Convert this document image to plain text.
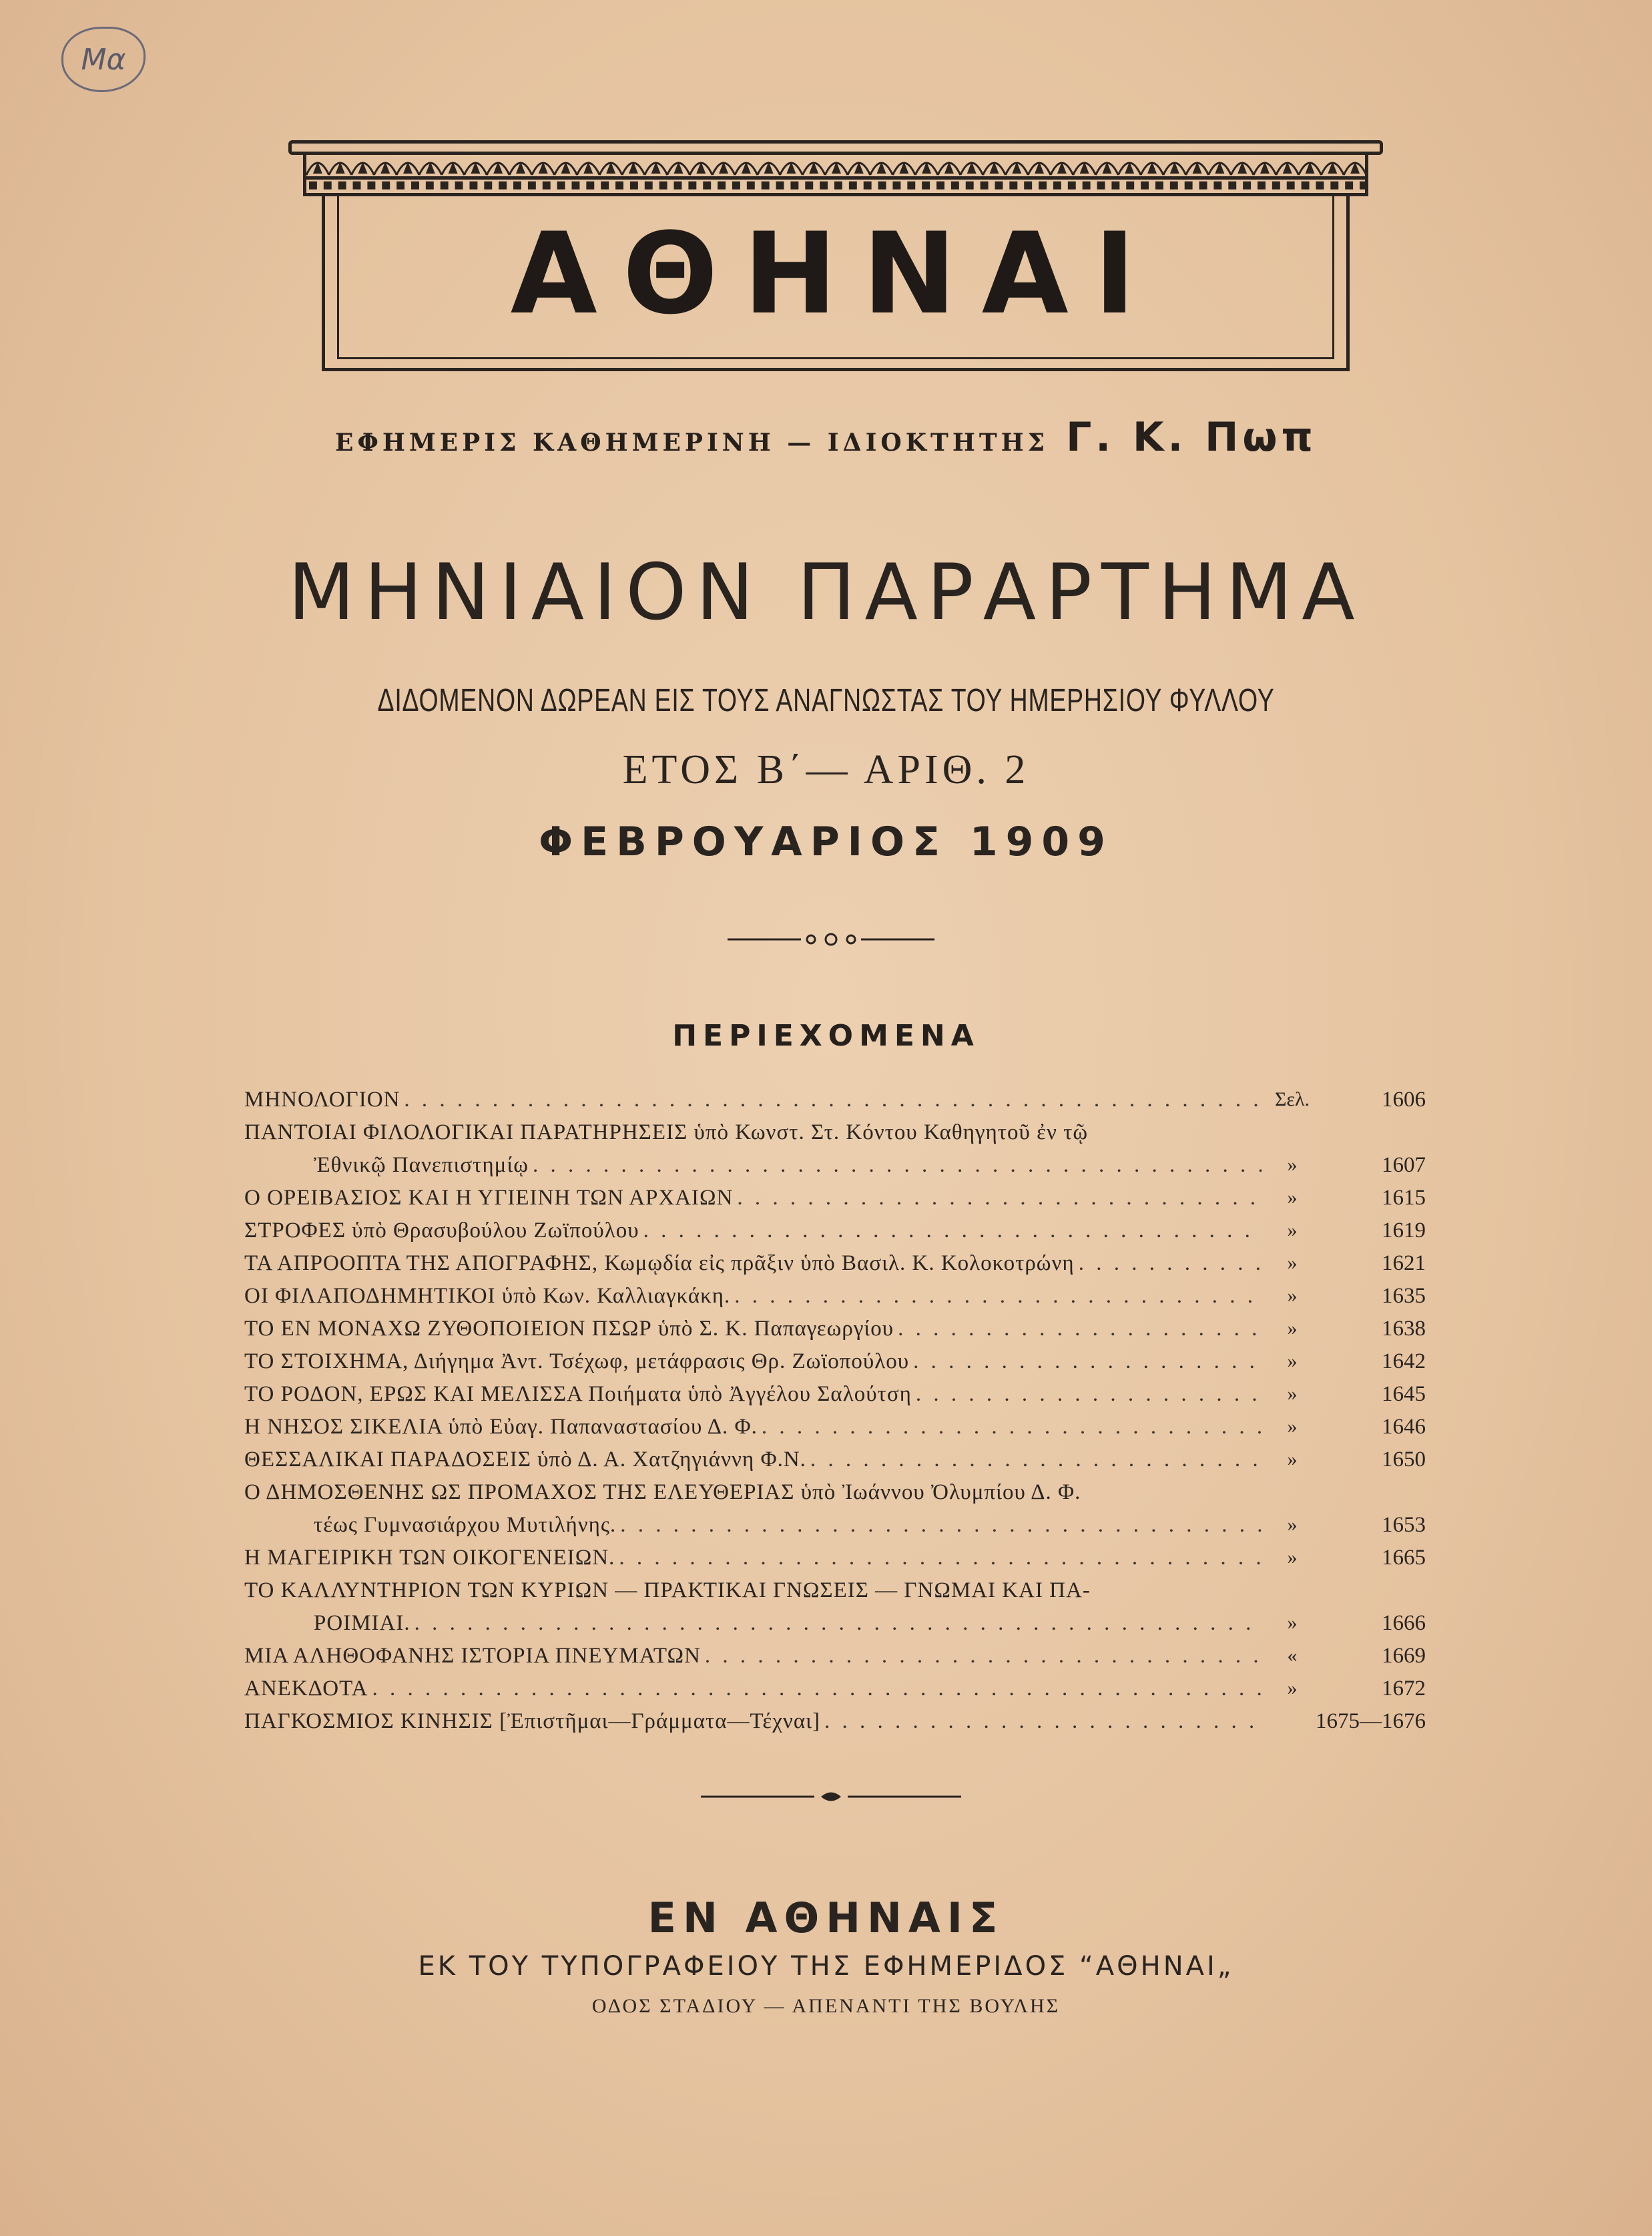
Μα
ΑΘΗΝΑΙ
ΕΦΗΜΕΡΙΣ ΚΑΘΗΜΕΡΙΝΗ — ΙΔΙΟΚΤΗΤΗΣ Γ. Κ. Πωπ
ΜΗΝΙΑΙΟΝ ΠΑΡΑΡΤΗΜΑ
ΔΙΔΟΜΕΝΟΝ ΔΩΡΕΑΝ ΕΙΣ ΤΟΥΣ ΑΝΑΓΝΩΣΤΑΣ ΤΟΥ ΗΜΕΡΗΣΙΟΥ ΦΥΛΛΟΥ
ΕΤΟΣ Β΄— ΑΡΙΘ. 2
ΦΕΒΡΟΥΑΡΙΟΣ 1909
ΠΕΡΙΕΧΟΜΕΝΑ
ΜΗΝΟΛΟΓΙΟΝ . . .	Σελ.	1606
ΠΑΝΤΟΙΑΙ ΦΙΛΟΛΟΓΙΚΑΙ ΠΑΡΑΤΗΡΗΣΕΙΣ ὑπὸ Κωνστ. Στ. Κόντου Καθηγητοῦ ἐν τῷ
Ἐθνικῷ Πανεπιστημίῳ . . .	»	1607
Ο ΟΡΕΙΒΑΣΙΟΣ ΚΑΙ Η ΥΓΙΕΙΝΗ ΤΩΝ ΑΡΧΑΙΩΝ . . .	»	1615
ΣΤΡΟΦΕΣ ὑπὸ Θρασυβούλου Ζωϊπούλου . . .	»	1619
ΤΑ ΑΠΡΟΟΠΤΑ ΤΗΣ ΑΠΟΓΡΑΦΗΣ, Κωμῳδία εἰς πρᾶξιν ὑπὸ Βασιλ. Κ. Κολοκοτρώνη . . .	»	1621
ΟΙ ΦΙΛΑΠΟΔΗΜΗΤΙΚΟΙ ὑπὸ Κων. Καλλιαγκάκη. . . .	»	1635
ΤΟ ΕΝ ΜΟΝΑΧΩ ΖΥΘΟΠΟΙΕΙΟΝ ΠΣΩΡ ὑπὸ Σ. Κ. Παπαγεωργίου . . .	»	1638
ΤΟ ΣΤΟΙΧΗΜΑ, Διήγημα Ἀντ. Τσέχωφ, μετάφρασις Θρ. Ζωϊοπούλου . . .	»	1642
ΤΟ ΡΟΔΟΝ, ΕΡΩΣ ΚΑΙ ΜΕΛΙΣΣΑ Ποιήματα ὑπὸ Ἀγγέλου Σαλούτση . . .	»	1645
Η ΝΗΣΟΣ ΣΙΚΕΛΙΑ ὑπὸ Εὐαγ. Παπαναστασίου Δ. Φ. . . .	»	1646
ΘΕΣΣΑΛΙΚΑΙ ΠΑΡΑΔΟΣΕΙΣ ὑπὸ Δ. Α. Χατζηγιάννη Φ.Ν. . . .	»	1650
Ο ΔΗΜΟΣΘΕΝΗΣ ΩΣ ΠΡΟΜΑΧΟΣ ΤΗΣ ΕΛΕΥΘΕΡΙΑΣ ὑπὸ Ἰωάννου Ὀλυμπίου Δ. Φ.
τέως Γυμνασιάρχου Μυτιλήνης. . . .	»	1653
Η ΜΑΓΕΙΡΙΚΗ ΤΩΝ ΟΙΚΟΓΕΝΕΙΩΝ. . . .	»	1665
ΤΟ ΚΑΛΛΥΝΤΗΡΙΟΝ ΤΩΝ ΚΥΡΙΩΝ — ΠΡΑΚΤΙΚΑΙ ΓΝΩΣΕΙΣ — ΓΝΩΜΑΙ ΚΑΙ ΠΑ-
ΡΟΙΜΙΑΙ. . . .	»	1666
ΜΙΑ ΑΛΗΘΟΦΑΝΗΣ ΙΣΤΟΡΙΑ ΠΝΕΥΜΑΤΩΝ . . .	«	1669
ΑΝΕΚΔΟΤΑ . . .	»	1672
ΠΑΓΚΟΣΜΙΟΣ ΚΙΝΗΣΙΣ [Ἐπιστῆμαι—Γράμματα—Τέχναι] . . .	1675—1676
ΕΝ ΑΘΗΝΑΙΣ
ΕΚ ΤΟΥ ΤΥΠΟΓΡΑΦΕΙΟΥ ΤΗΣ ΕΦΗΜΕΡΙΔΟΣ “ΑΘΗΝΑΙ„
ΟΔΟΣ ΣΤΑΔΙΟΥ — ΑΠΕΝΑΝΤΙ ΤΗΣ ΒΟΥΛΗΣ
